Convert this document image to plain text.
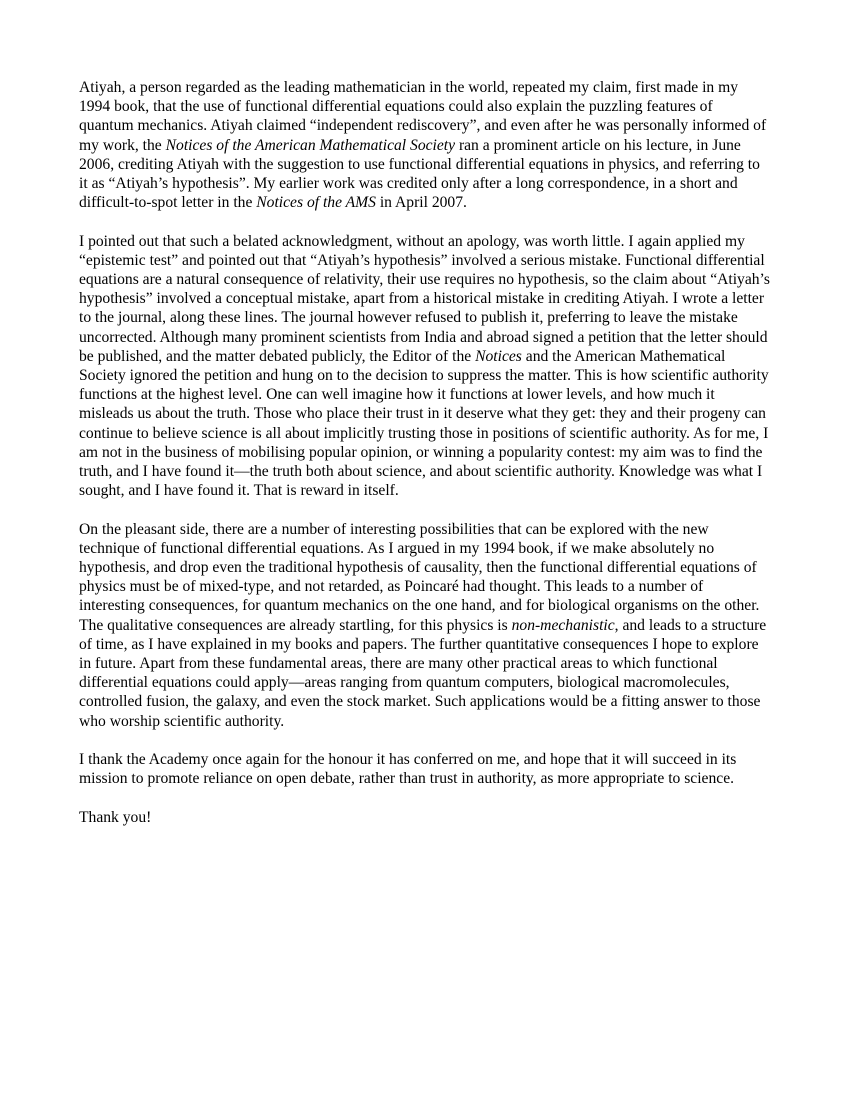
Atiyah, a person regarded as the leading mathematician in the world, repeated my claim, first made in my 1994 book, that the use of functional differential equations could also explain the puzzling features of quantum mechanics. Atiyah claimed “independent rediscovery”, and even after he was personally informed of my work, the Notices of the American Mathematical Society ran a prominent article on his lecture, in June 2006, crediting Atiyah with the suggestion to use functional differential equations in physics, and referring to it as “Atiyah’s hypothesis”. My earlier work was credited only after a long correspondence, in a short and difficult-to-spot letter in the Notices of the AMS in April 2007.

I pointed out that such a belated acknowledgment, without an apology, was worth little. I again applied my “epistemic test” and pointed out that “Atiyah’s hypothesis” involved a serious mistake. Functional differential equations are a natural consequence of relativity, their use requires no hypothesis, so the claim about “Atiyah’s hypothesis” involved a conceptual mistake, apart from a historical mistake in crediting Atiyah. I wrote a letter to the journal, along these lines. The journal however refused to publish it, preferring to leave the mistake uncorrected. Although many prominent scientists from India and abroad signed a petition that the letter should be published, and the matter debated publicly, the Editor of the Notices and the American Mathematical Society ignored the petition and hung on to the decision to suppress the matter. This is how scientific authority functions at the highest level. One can well imagine how it functions at lower levels, and how much it misleads us about the truth. Those who place their trust in it deserve what they get: they and their progeny can continue to believe science is all about implicitly trusting those in positions of scientific authority. As for me, I am not in the business of mobilising popular opinion, or winning a popularity contest: my aim was to find the truth, and I have found it—the truth both about science, and about scientific authority. Knowledge was what I sought, and I have found it. That is reward in itself.

On the pleasant side, there are a number of interesting possibilities that can be explored with the new technique of functional differential equations. As I argued in my 1994 book, if we make absolutely no hypothesis, and drop even the traditional hypothesis of causality, then the functional differential equations of physics must be of mixed-type, and not retarded, as Poincaré had thought. This leads to a number of interesting consequences, for quantum mechanics on the one hand, and for biological organisms on the other. The qualitative consequences are already startling, for this physics is non-mechanistic, and leads to a structure of time, as I have explained in my books and papers. The further quantitative consequences I hope to explore in future. Apart from these fundamental areas, there are many other practical areas to which functional differential equations could apply—areas ranging from quantum computers, biological macromolecules, controlled fusion, the galaxy, and even the stock market. Such applications would be a fitting answer to those who worship scientific authority.

I thank the Academy once again for the honour it has conferred on me, and hope that it will succeed in its mission to promote reliance on open debate, rather than trust in authority, as more appropriate to science.

Thank you!
